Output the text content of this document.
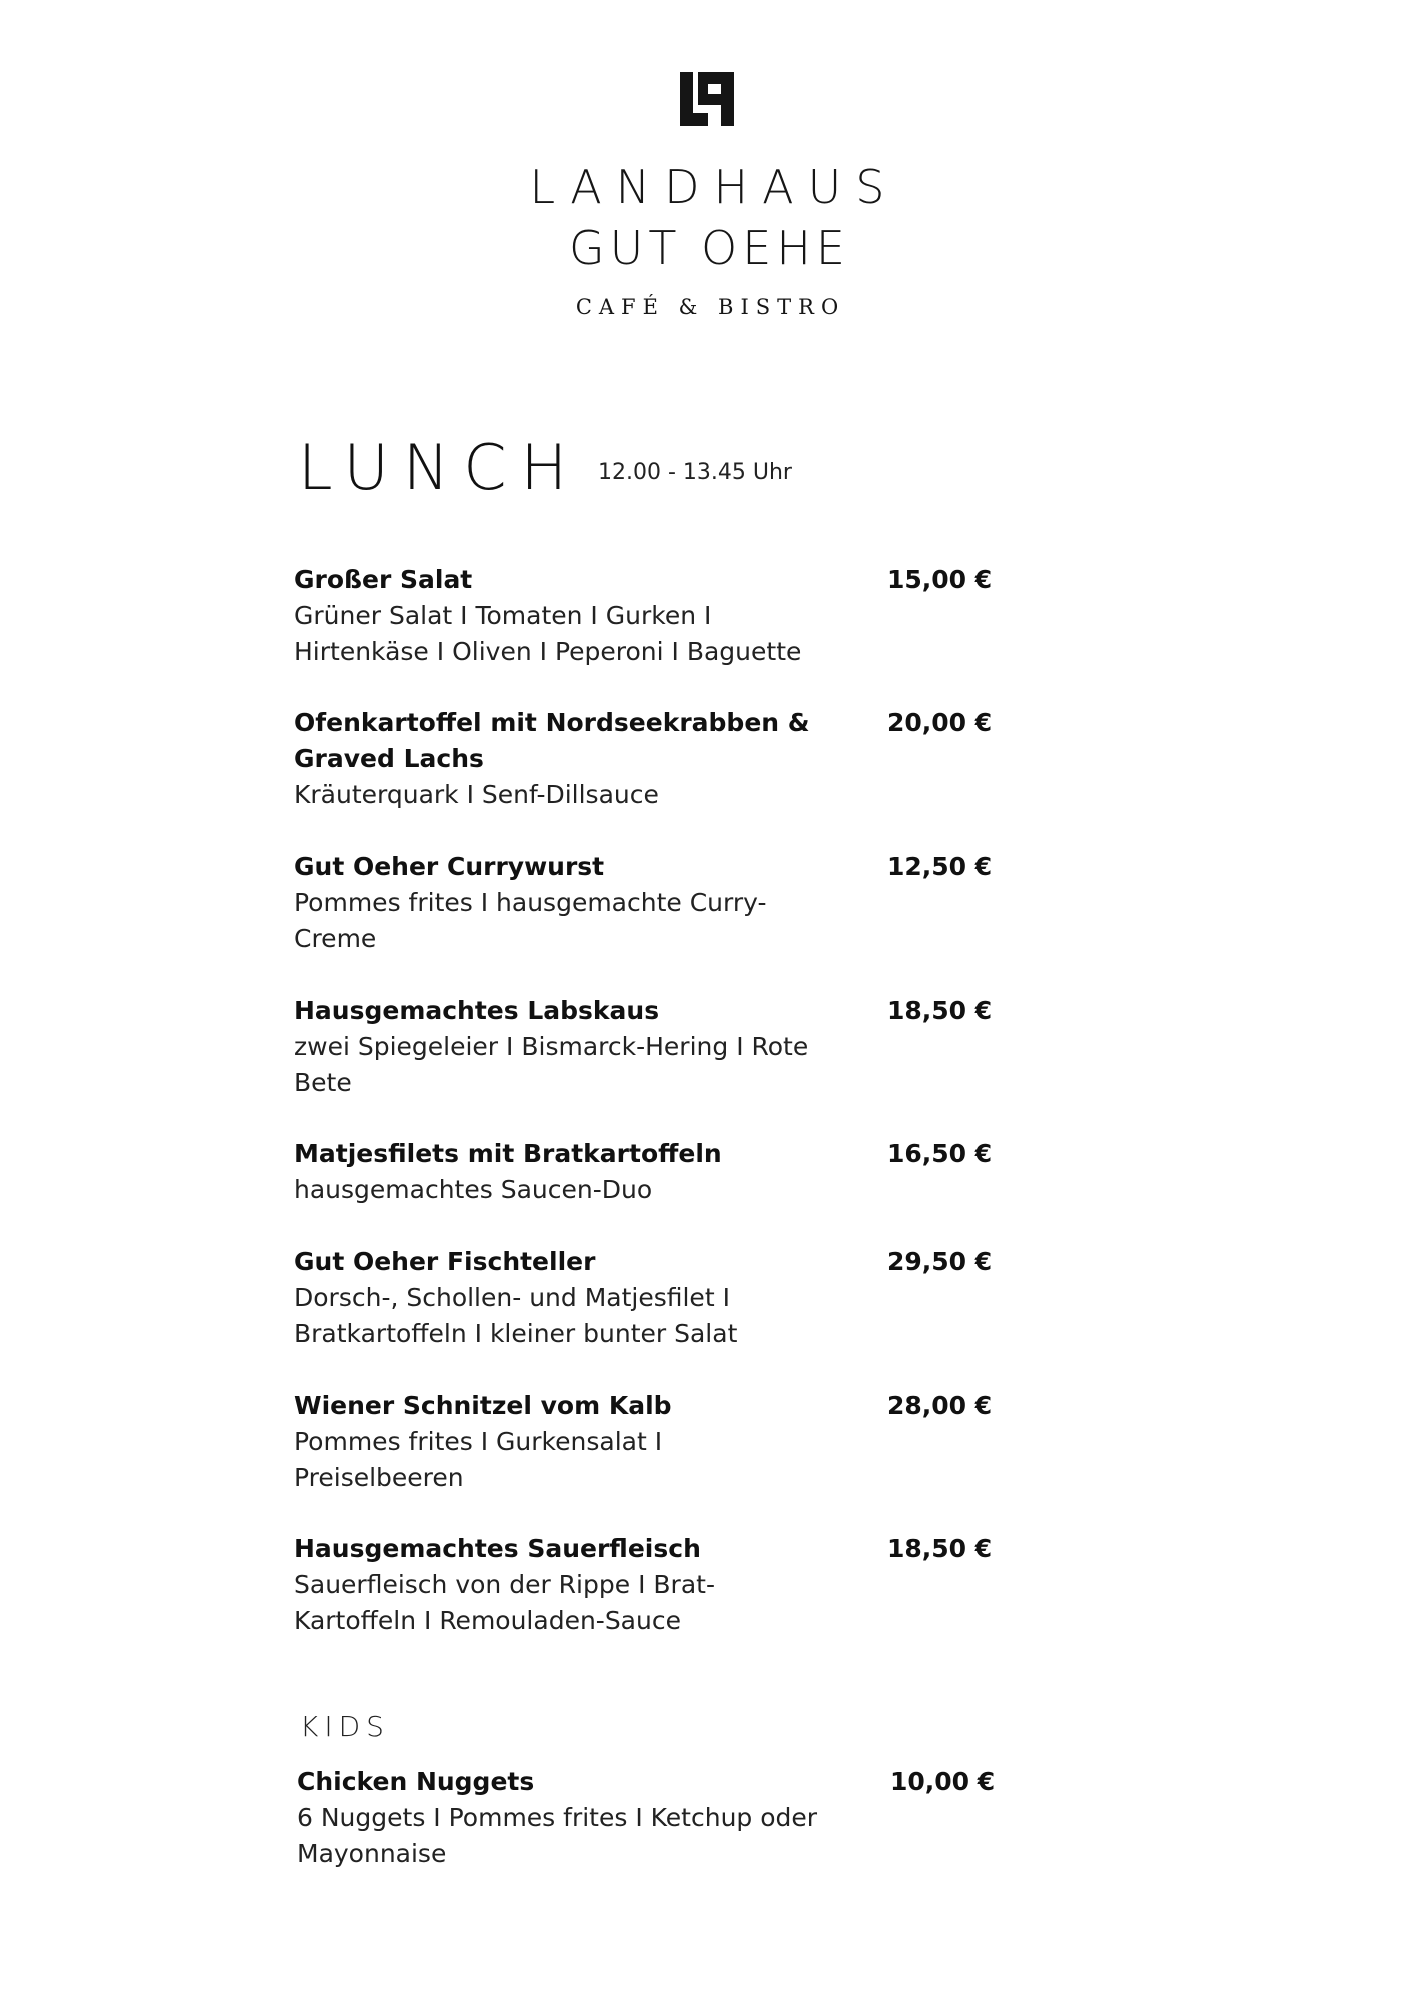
LANDHAUS
GUT OEHE
CAFÉ & BISTRO
LUNCH 12.00 - 13.45 Uhr
Großer Salat
Grüner Salat I Tomaten I Gurken I Hirtenkäse I Oliven I Peperoni I Baguette
15,00 €
Ofenkartoffel mit Nordseekrabben & Graved Lachs
Kräuterquark I Senf-Dillsauce
20,00 €
Gut Oeher Currywurst
Pommes frites I hausgemachte Curry-Creme
12,50 €
Hausgemachtes Labskaus
zwei Spiegeleier I Bismarck-Hering I Rote Bete
18,50 €
Matjesfilets mit Bratkartoffeln
hausgemachtes Saucen-Duo
16,50 €
Gut Oeher Fischteller
Dorsch-, Schollen- und Matjesfilet I Bratkartoffeln I kleiner bunter Salat
29,50 €
Wiener Schnitzel vom Kalb
Pommes frites I Gurkensalat I Preiselbeeren
28,00 €
Hausgemachtes Sauerfleisch
Sauerfleisch von der Rippe I Brat-Kartoffeln I Remouladen-Sauce
18,50 €
KIDS
Chicken Nuggets
6 Nuggets I Pommes frites I Ketchup oder Mayonnaise
10,00 €
